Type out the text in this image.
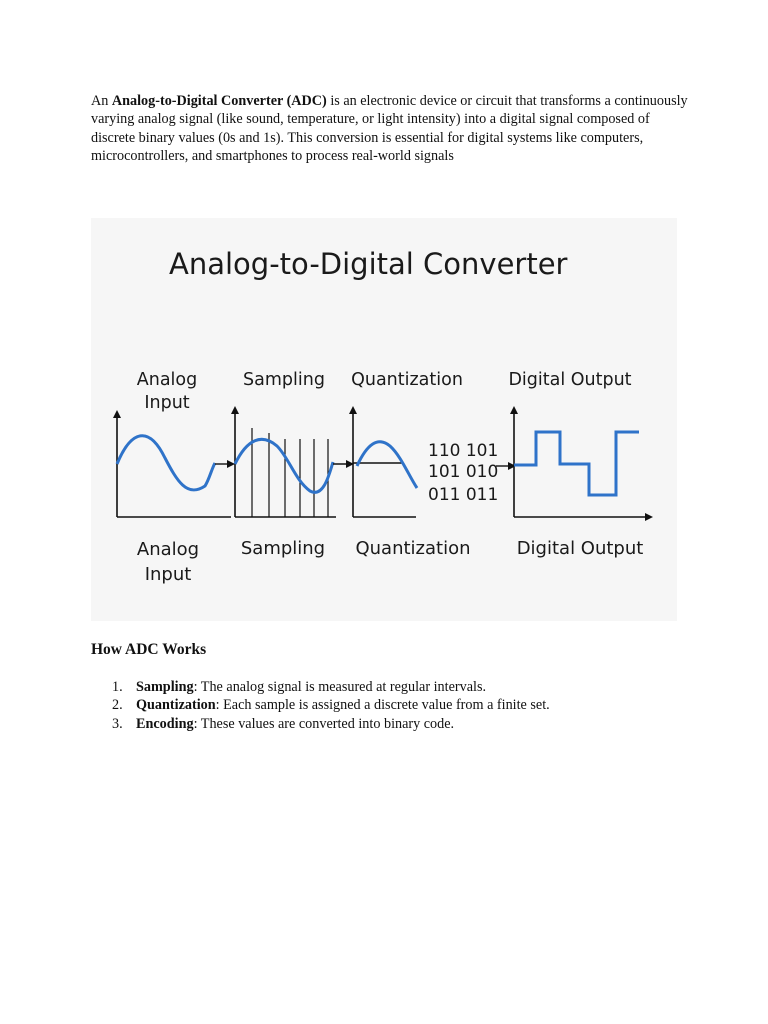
An Analog-to-Digital Converter (ADC) is an electronic device or circuit that transforms a continuously varying analog signal (like sound, temperature, or light intensity) into a digital signal composed of discrete binary values (0s and 1s). This conversion is essential for digital systems like computers, microcontrollers, and smartphones to process real-world signals

Analog-to-Digital Converter
Analog
Input
Sampling Quantization	Digital Output
110 101
101 010
011 011
Analog
Input
Sampling Quantization	Digital Output
How ADC Works
1. Sampling: The analog signal is measured at regular intervals.
2. Quantization: Each sample is assigned a discrete value from a finite set.
3. Encoding: These values are converted into binary code.
